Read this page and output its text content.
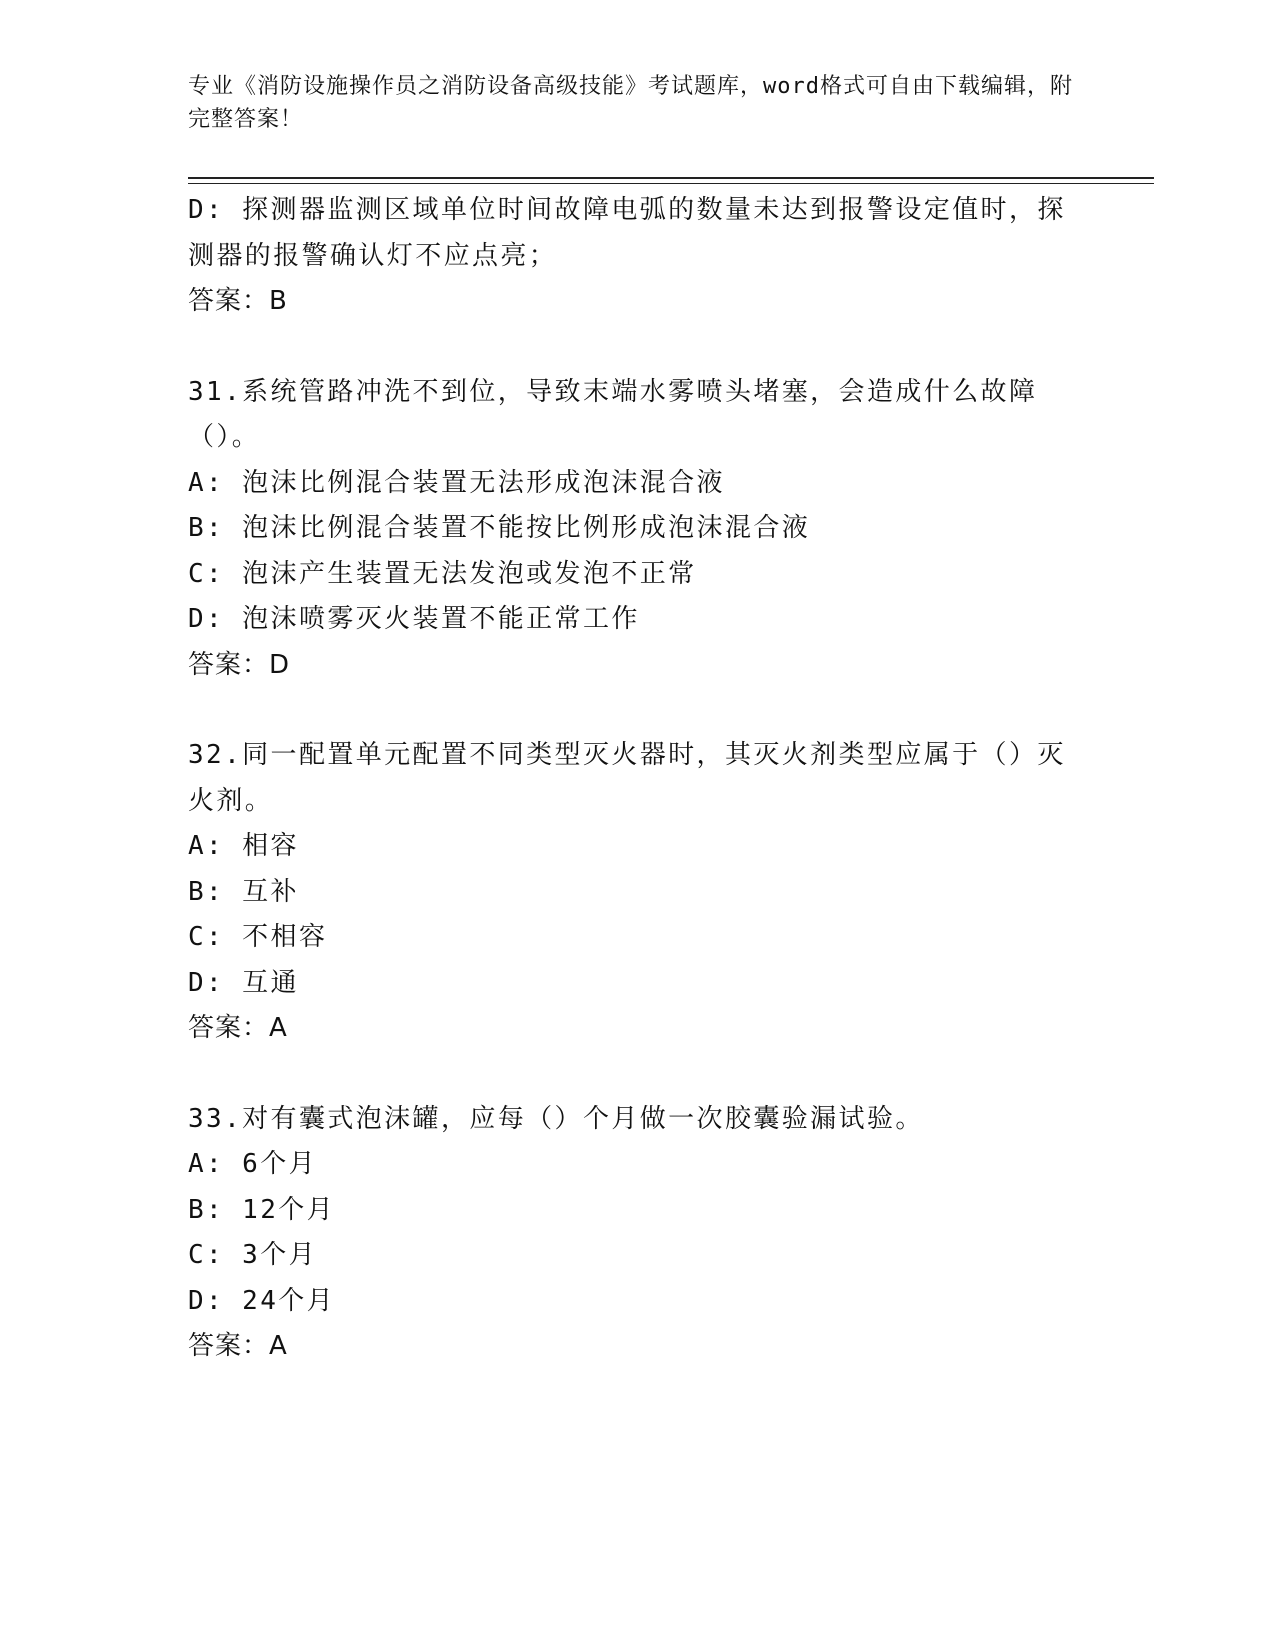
专业《消防设施操作员之消防设备高级技能》考试题库，word格式可自由下载编辑，附完整答案！

D: 探测器监测区域单位时间故障电弧的数量未达到报警设定值时，探测器的报警确认灯不应点亮；

答案：B

31.系统管路冲洗不到位，导致末端水雾喷头堵塞，会造成什么故障（）。

A: 泡沫比例混合装置无法形成泡沫混合液

B: 泡沫比例混合装置不能按比例形成泡沫混合液

C: 泡沫产生装置无法发泡或发泡不正常

D: 泡沫喷雾灭火装置不能正常工作

答案：D

32.同一配置单元配置不同类型灭火器时，其灭火剂类型应属于（）灭火剂。

A: 相容

B: 互补

C: 不相容

D: 互通

答案：A

33.对有囊式泡沫罐，应每（）个月做一次胶囊验漏试验。

A: 6个月

B: 12个月

C: 3个月

D: 24个月

答案：A
